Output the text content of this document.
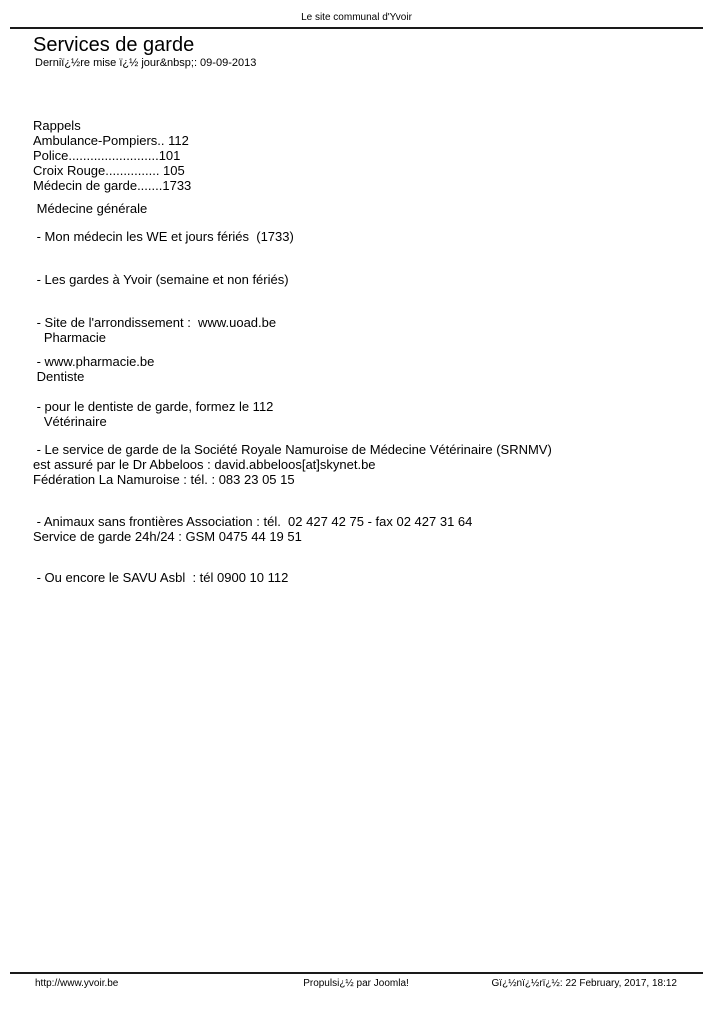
Le site communal d'Yvoir
Services de garde
Derniï¿½re mise ï¿½ jour&nbsp;: 09-09-2013

Rappels
Ambulance-Pompiers.. 112
Police.........................101
Croix Rouge............... 105
Médecin de garde.......1733

Médecine générale

- Mon médecin les WE et jours fériés  (1733)

- Les gardes à Yvoir (semaine et non fériés)

- Site de l'arrondissement :  www.uoad.be
Pharmacie

- www.pharmacie.be
Dentiste

- pour le dentiste de garde, formez le 112
Vétérinaire

- Le service de garde de la Société Royale Namuroise de Médecine Vétérinaire (SRNMV)
est assuré par le Dr Abbeloos : david.abbeloos[at]skynet.be
Fédération La Namuroise : tél. : 083 23 05 15

- Animaux sans frontières Association : tél.  02 427 42 75 - fax 02 427 31 64
Service de garde 24h/24 : GSM 0475 44 19 51

- Ou encore le SAVU Asbl  : tél 0900 10 112

http://www.yvoir.be	Propulsi¿½ par Joomla!	Gï¿½nï¿½rï¿½: 22 February, 2017, 18:12
